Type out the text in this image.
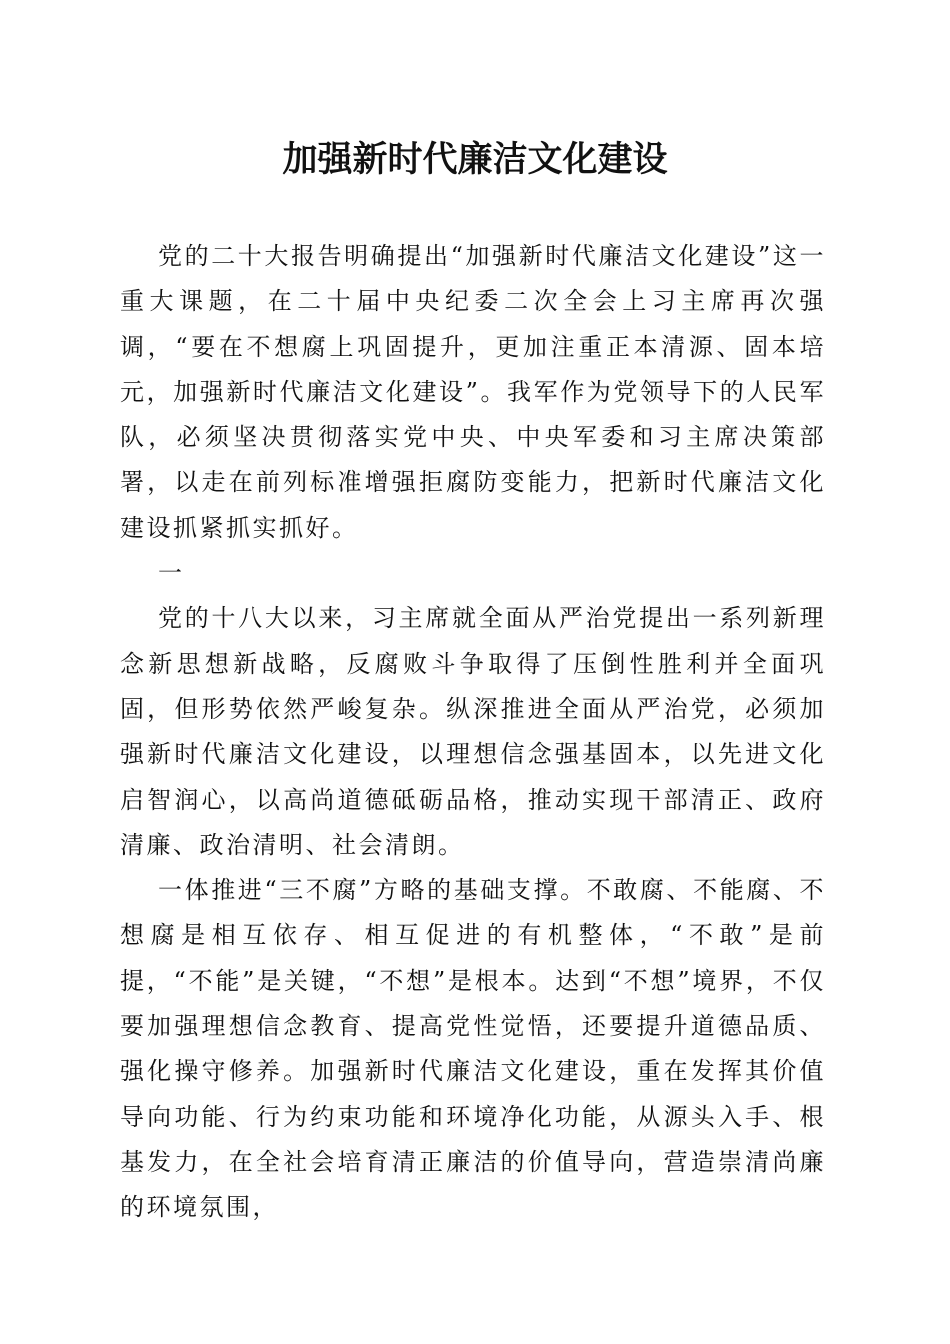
加强新时代廉洁文化建设

党的二十大报告明确提出“加强新时代廉洁文化建设”这一重大课题，在二十届中央纪委二次全会上习主席再次强调，“要在不想腐上巩固提升，更加注重正本清源、固本培元，加强新时代廉洁文化建设”。我军作为党领导下的人民军队，必须坚决贯彻落实党中央、中央军委和习主席决策部署，以走在前列标准增强拒腐防变能力，把新时代廉洁文化建设抓紧抓实抓好。

一

党的十八大以来，习主席就全面从严治党提出一系列新理念新思想新战略，反腐败斗争取得了压倒性胜利并全面巩固，但形势依然严峻复杂。纵深推进全面从严治党，必须加强新时代廉洁文化建设，以理想信念强基固本，以先进文化启智润心，以高尚道德砥砺品格，推动实现干部清正、政府清廉、政治清明、社会清朗。

一体推进“三不腐”方略的基础支撑。不敢腐、不能腐、不想腐是相互依存、相互促进的有机整体，“不敢”是前提，“不能”是关键，“不想”是根本。达到“不想”境界，不仅要加强理想信念教育、提高党性觉悟，还要提升道德品质、强化操守修养。加强新时代廉洁文化建设，重在发挥其价值导向功能、行为约束功能和环境净化功能，从源头入手、根基发力，在全社会培育清正廉洁的价值导向，营造崇清尚廉的环境氛围，
